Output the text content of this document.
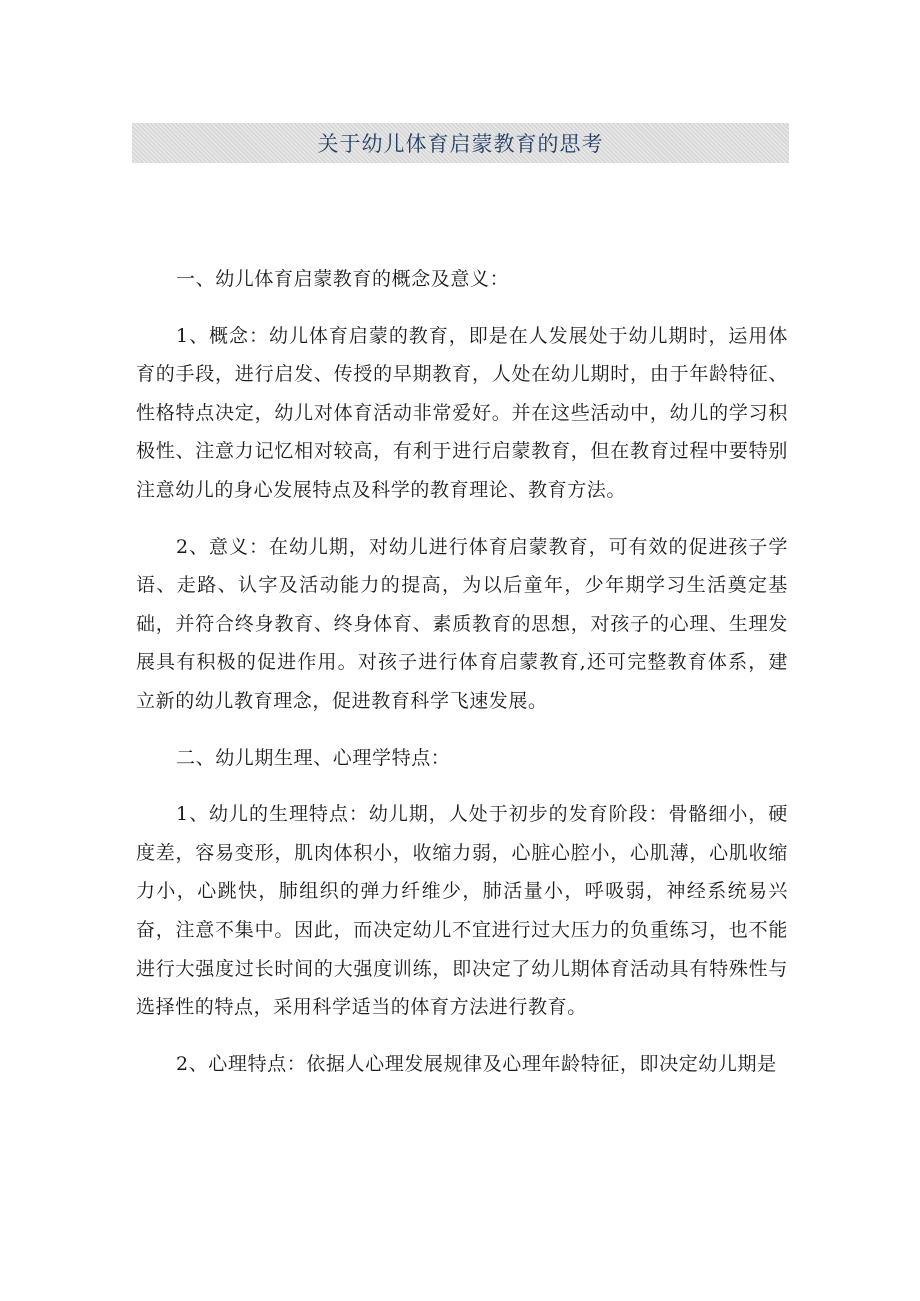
关于幼儿体育启蒙教育的思考

一、幼儿体育启蒙教育的概念及意义：

1、概念：幼儿体育启蒙的教育，即是在人发展处于幼儿期时，运用体育的手段，进行启发、传授的早期教育，人处在幼儿期时，由于年龄特征、性格特点决定，幼儿对体育活动非常爱好。并在这些活动中，幼儿的学习积极性、注意力记忆相对较高，有利于进行启蒙教育，但在教育过程中要特别注意幼儿的身心发展特点及科学的教育理论、教育方法。

2、意义：在幼儿期，对幼儿进行体育启蒙教育，可有效的促进孩子学语、走路、认字及活动能力的提高，为以后童年，少年期学习生活奠定基础，并符合终身教育、终身体育、素质教育的思想，对孩子的心理、生理发展具有积极的促进作用。对孩子进行体育启蒙教育,还可完整教育体系，建立新的幼儿教育理念，促进教育科学飞速发展。

二、幼儿期生理、心理学特点：

1、幼儿的生理特点：幼儿期，人处于初步的发育阶段：骨骼细小，硬度差，容易变形，肌肉体积小，收缩力弱，心脏心腔小，心肌薄，心肌收缩力小，心跳快，肺组织的弹力纤维少，肺活量小，呼吸弱，神经系统易兴奋，注意不集中。因此，而决定幼儿不宜进行过大压力的负重练习，也不能进行大强度过长时间的大强度训练，即决定了幼儿期体育活动具有特殊性与选择性的特点，采用科学适当的体育方法进行教育。

2、心理特点：依据人心理发展规律及心理年龄特征，即决定幼儿期是
